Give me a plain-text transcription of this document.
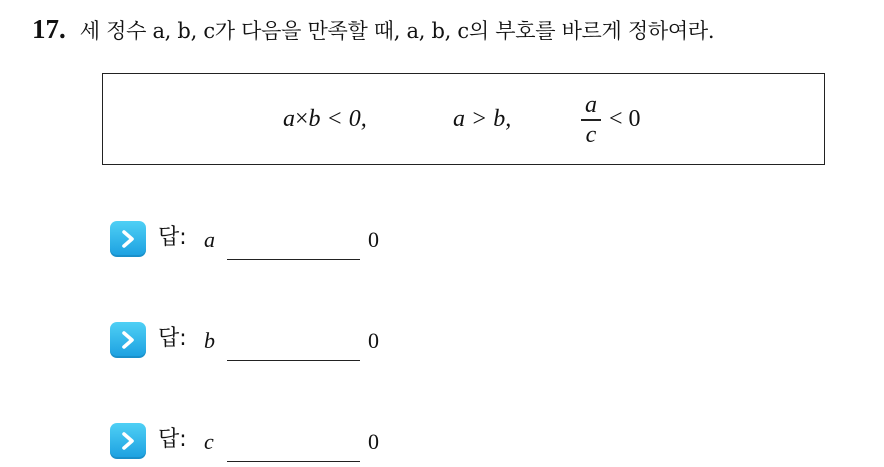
17. 세 정수 a, b, c가 다음을 만족할 때, a, b, c의 부호를 바르게 정하여라.
a×b < 0,	a > b,	$\frac{a}{c} < 0$
답: a	0
답: b	0
답: c	0
